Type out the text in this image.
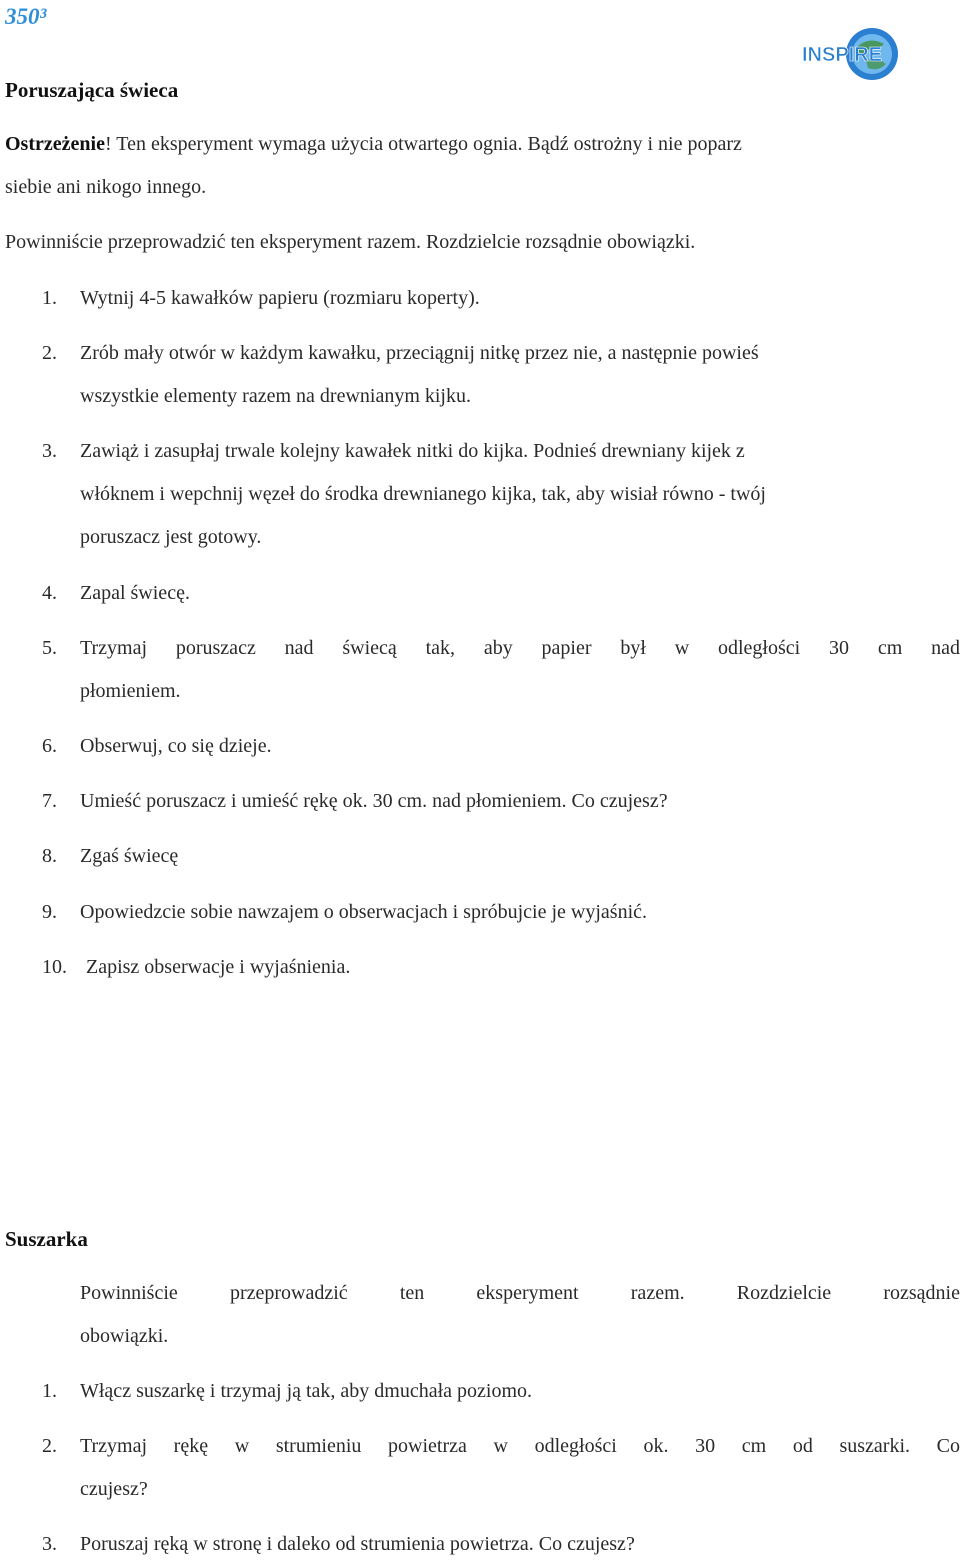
350³
INSPIRE
Poruszająca świeca
Ostrzeżenie! Ten eksperyment wymaga użycia otwartego ognia. Bądź ostrożny i nie poparz
siebie ani nikogo innego.
Powinniście przeprowadzić ten eksperyment razem. Rozdzielcie rozsądnie obowiązki.
1. Wytnij 4-5 kawałków papieru (rozmiaru koperty).
2. Zrób mały otwór w każdym kawałku, przeciągnij nitkę przez nie, a następnie powieś
wszystkie elementy razem na drewnianym kijku.
3. Zawiąż i zasupłaj trwale kolejny kawałek nitki do kijka. Podnieś drewniany kijek z
włóknem i wepchnij węzeł do środka drewnianego kijka, tak, aby wisiał równo - twój
poruszacz jest gotowy.
4. Zapal świecę.
5. Trzymaj poruszacz nad świecą tak, aby papier był w odległości 30 cm nad
płomieniem.
6. Obserwuj, co się dzieje.
7. Umieść poruszacz i umieść rękę ok. 30 cm. nad płomieniem. Co czujesz?
8. Zgaś świecę
9. Opowiedzcie sobie nawzajem o obserwacjach i spróbujcie je wyjaśnić.
10. Zapisz obserwacje i wyjaśnienia.
Suszarka
Powinniście przeprowadzić ten eksperyment razem. Rozdzielcie rozsądnie
obowiązki.
1. Włącz suszarkę i trzymaj ją tak, aby dmuchała poziomo.
2. Trzymaj rękę w strumieniu powietrza w odległości ok. 30 cm od suszarki. Co
czujesz?
3. Poruszaj ręką w stronę i daleko od strumienia powietrza. Co czujesz?
